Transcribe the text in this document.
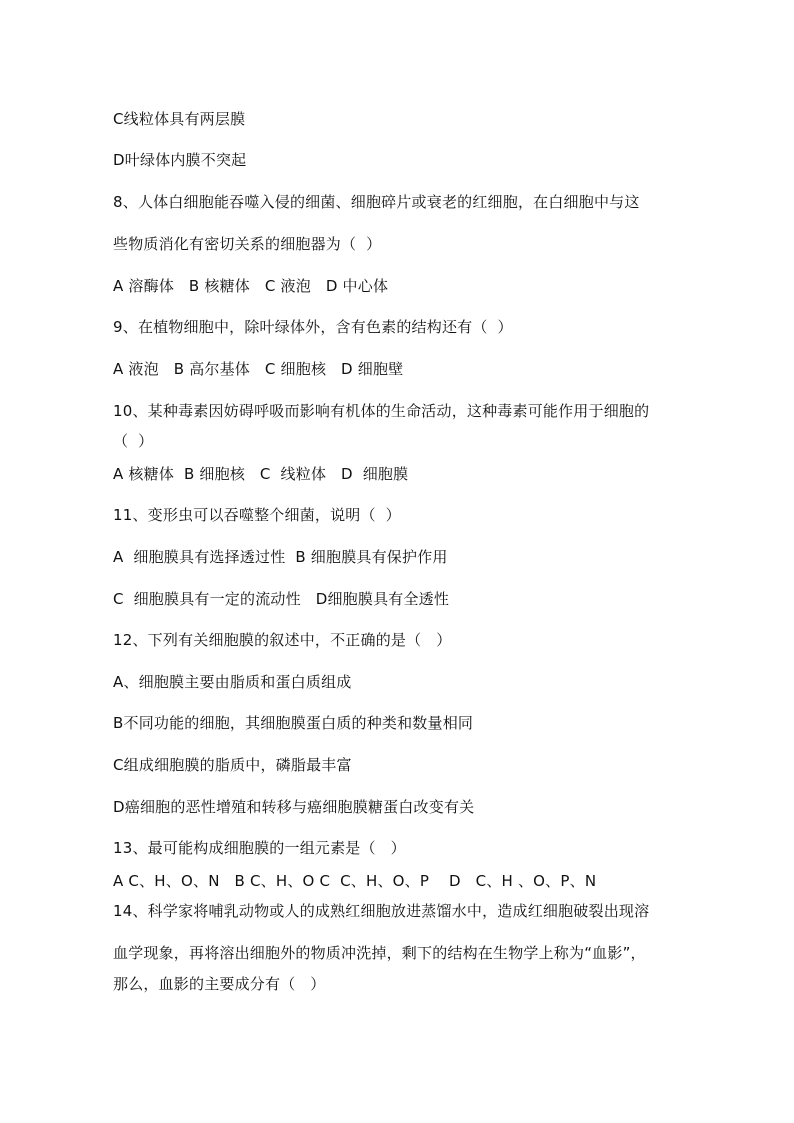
C线粒体具有两层膜
D叶绿体内膜不突起
8、人体白细胞能吞噬入侵的细菌、细胞碎片或衰老的红细胞，在白细胞中与这
些物质消化有密切关系的细胞器为（  ）
A 溶酶体   B 核糖体   C 液泡   D 中心体
9、在植物细胞中，除叶绿体外，含有色素的结构还有（  ）
A 液泡   B 高尔基体   C 细胞核   D 细胞壁
10、某种毒素因妨碍呼吸而影响有机体的生命活动，这种毒素可能作用于细胞的
（  ）
A 核糖体  B 细胞核   C  线粒体   D  细胞膜
11、变形虫可以吞噬整个细菌，说明（  ）
A  细胞膜具有选择透过性  B 细胞膜具有保护作用
C  细胞膜具有一定的流动性   D细胞膜具有全透性
12、下列有关细胞膜的叙述中，不正确的是（   ）
A、细胞膜主要由脂质和蛋白质组成
B不同功能的细胞，其细胞膜蛋白质的种类和数量相同
C组成细胞膜的脂质中，磷脂最丰富
D癌细胞的恶性增殖和转移与癌细胞膜糖蛋白改变有关
13、最可能构成细胞膜的一组元素是（   ）
A C、H、O、N   B C、H、O C  C、H、O、P    D   C、H 、O、P、N
14、科学家将哺乳动物或人的成熟红细胞放进蒸馏水中，造成红细胞破裂出现溶
血学现象，再将溶出细胞外的物质冲洗掉，剩下的结构在生物学上称为“血影”，
那么，血影的主要成分有（   ）
